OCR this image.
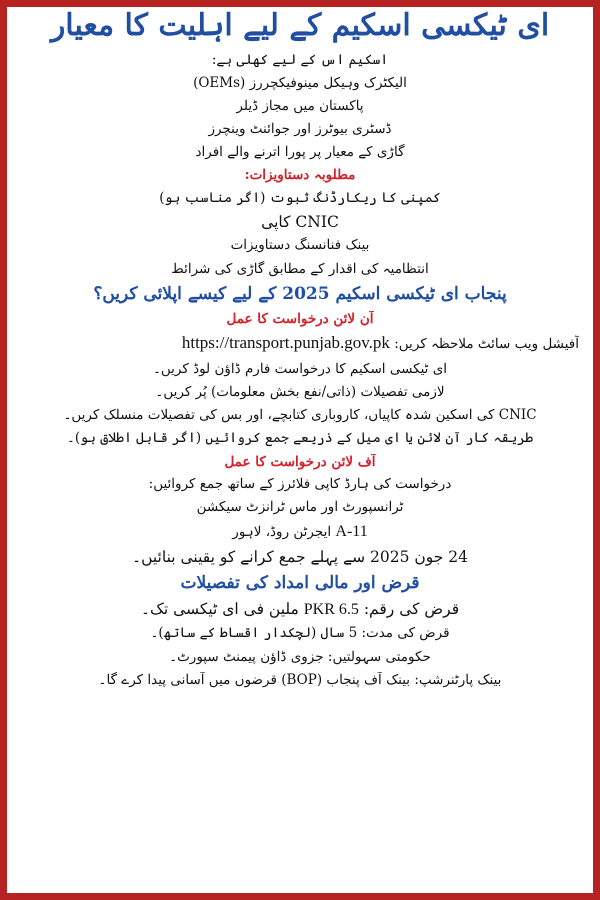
ای ٹیکسی اسکیم کے لیے اہلیت کا معیار
اسکیم اس کے لیے کھلی ہے:
الیکٹرک وہیکل مینوفیکچررز (OEMs)
پاکستان میں مجاز ڈیلر
ڈسٹری بیوٹرز اور جوائنٹ وینچرز
گاڑی کے معیار پر پورا اترنے والے افراد
مطلوبہ دستاویزات:
کمپنی کا ریکارڈنگ ثبوت (اگر مناسب ہو)
CNIC کاپی
بینک فنانسنگ دستاویزات
انتظامیہ کی اقدار کے مطابق گاڑی کی شرائط
پنجاب ای ٹیکسی اسکیم 2025 کے لیے کیسے اپلائی کریں؟
آن لائن درخواست کا عمل
آفیشل ویب سائٹ ملاحظہ کریں: https://transport.punjab.gov.pk
ای ٹیکسی اسکیم کا درخواست فارم ڈاؤن لوڈ کریں۔
لازمی تفصیلات (ذاتی/نفع بخش معلومات) پُر کریں۔
CNIC کی اسکین شدہ کاپیاں، کاروباری کتابچے، اور بس کی تفصیلات منسلک کریں۔
طریقہ کار آن لائن یا ای میل کے ذریعے جمع کروائیں (اگر قابل اطلاق ہو)۔
آف لائن درخواست کا عمل
درخواست کی ہارڈ کاپی فلائرز کے ساتھ جمع کروائیں:
ٹرانسپورٹ اور ماس ٹرانزٹ سیکشن
A-11 ایجرٹن روڈ، لاہور
24 جون 2025 سے پہلے جمع کرانے کو یقینی بنائیں۔
قرض اور مالی امداد کی تفصیلات
قرض کی رقم: PKR 6.5 ملین فی ای ٹیکسی تک۔
قرض کی مدت: 5 سال (لچکدار اقساط کے ساتھ)۔
حکومتی سہولتیں: جزوی ڈاؤن پیمنٹ سپورٹ۔
بینک پارٹنرشپ: بینک آف پنجاب (BOP) قرضوں میں آسانی پیدا کرے گا۔
